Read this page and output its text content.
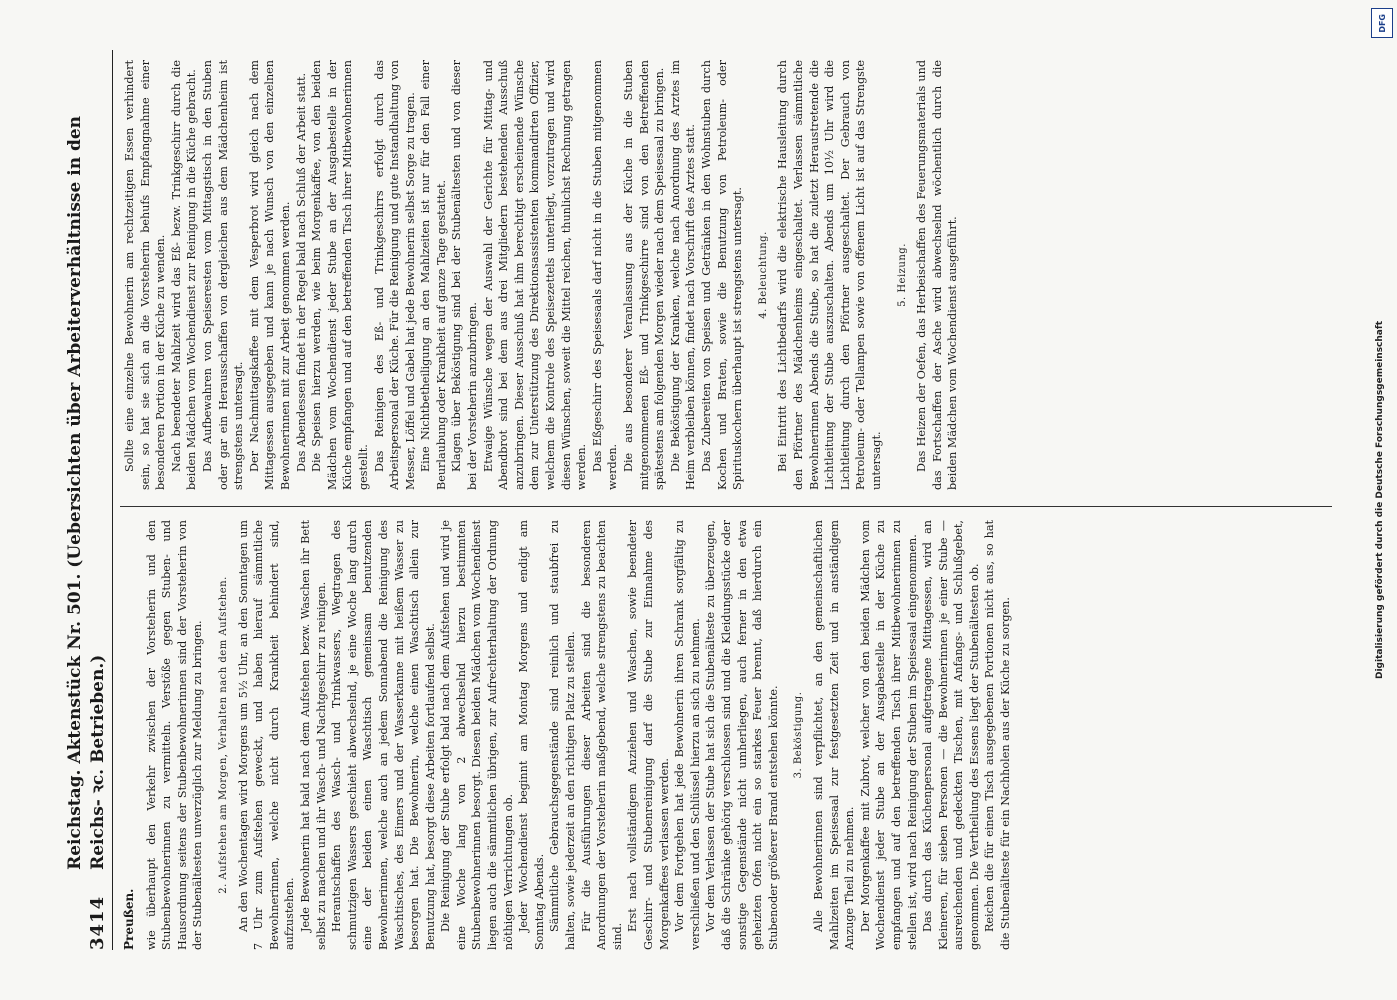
DFG
Digitalisierung gefördert durch die Deutsche Forschungsgemeinschaft
3414
Reichstag. Aktenstück Nr. 501. (Uebersichten über Arbeiterverhältnisse in den Reichs- ꝛc. Betrieben.)
Preußen. wie überhaupt den Verkehr zwischen der Vorsteherin und den Stubenbewohnerinnen zu vermitteln. Verstöße gegen Stuben- und Hausordnung seitens der Stubenbewohnerinnen sind der Vorsteherin von der Stubenältesten unverzüglich zur Meldung zu bringen. 2. Aufstehen am Morgen, Verhalten nach dem Aufstehen. An den Wochentagen wird Morgens um 5½ Uhr, an den Sonntagen um 7 Uhr zum Aufstehen geweckt, und haben hierauf sämmtliche Bewohnerinnen, welche nicht durch Krankheit behindert sind, aufzustehen. Jede Bewohnerin hat bald nach dem Aufstehen bezw. Waschen ihr Bett selbst zu machen und ihr Wasch- und Nachtgeschirr zu reinigen. Herantschaffen des Wasch- und Trinkwassers, Wegtragen des schmutzigen Wassers geschieht abwechselnd, je eine Woche lang durch eine der beiden einen Waschtisch gemeinsam benutzenden Bewohnerinnen, welche auch an jedem Sonnabend die Reinigung des Waschtisches, des Eimers und der Wasserkanne mit heißem Wasser zu besorgen hat. Die Bewohnerin, welche einen Waschtisch allein zur Benutzung hat, besorgt diese Arbeiten fortlaufend selbst. Die Reinigung der Stube erfolgt bald nach dem Aufstehen und wird je eine Woche lang von 2 abwechselnd hierzu bestimmten Stubenbewohnerinnen besorgt. Diesen beiden Mädchen vom Wochendienst liegen auch die sämmtlichen übrigen, zur Aufrechterhaltung der Ordnung nöthigen Verrichtungen ob. Jeder Wochendienst beginnt am Montag Morgens und endigt am Sonntag Abends. Sämmtliche Gebrauchsgegenstände sind reinlich und staubfrei zu halten, sowie jederzeit an den richtigen Platz zu stellen. Für die Ausführungen dieser Arbeiten sind die besonderen Anordnungen der Vorsteherin maßgebend, welche strengstens zu beachten sind.

Erst nach vollständigem Anziehen und Waschen, sowie beendeter Geschirr- und Stubenreinigung darf die Stube zur Einnahme des Morgenkaffees verlassen werden. Vor dem Fortgehen hat jede Bewohnerin ihren Schrank sorgfältig zu verschließen und den Schlüssel hierzu an sich zu nehmen. Vor dem Verlassen der Stube hat sich die Stubenälteste zu überzeugen, daß die Schränke gehörig verschlossen sind und die Kleidungsstücke oder sonstige Gegenstände nicht umherliegen, auch ferner in den etwa geheizten Ofen nicht ein so starkes Feuer brennt, daß hierdurch ein Stubenoder größerer Brand entstehen könnte. 3. Beköstigung. Alle Bewohnerinnen sind verpflichtet, an den gemeinschaftlichen Mahlzeiten im Speisesaal zur festgesetzten Zeit und in anständigem Anzuge Theil zu nehmen. Der Morgenkaffee mit Zubrot, welcher von den beiden Mädchen vom Wochendienst jeder Stube an der Ausgabestelle in der Küche zu empfangen und auf den betreffenden Tisch ihrer Mitbewohnerinnen zu stellen ist, wird nach Reinigung der Stuben im Speisesaal eingenommen. Das durch das Küchenpersonal aufgetragene Mittagessen, wird an Kleineren, für sieben Personen — die Bewohnerinnen je einer Stube — ausreichenden und gedeckten Tischen, mit Anfangs- und Schlußgebet, genommen. Die Vertheilung des Essens liegt der Stubenältesten ob. Reichen die für einen Tisch ausgegebenen Portionen nicht aus, so hat die Stubenälteste für ein Nachholen aus der Küche zu sorgen.

Sollte eine einzelne Bewohnerin am rechtzeitigen Essen verhindert sein, so hat sie sich an die Vorsteherin behufs Empfangnahme einer besonderen Portion in der Küche zu wenden. Nach beendeter Mahlzeit wird das Eß- bezw. Trinkgeschirr durch die beiden Mädchen vom Wochendienst zur Reinigung in die Küche gebracht. Das Aufbewahren von Speiseresten vom Mittagstisch in den Stuben oder gar ein Herausschaffen von dergleichen aus dem Mädchenheim ist strengstens untersagt. Der Nachmittagskaffee mit dem Vesperbrot wird gleich nach dem Mittagessen ausgegeben und kann je nach Wunsch von den einzelnen Bewohnerinnen mit zur Arbeit genommen werden. Das Abendessen findet in der Regel bald nach Schluß der Arbeit statt. Die Speisen hierzu werden, wie beim Morgenkaffee, von den beiden Mädchen vom Wochendienst jeder Stube an der Ausgabestelle in der Küche empfangen und auf den betreffenden Tisch ihrer Mitbewohnerinnen gestellt. Das Reinigen des Eß- und Trinkgeschirrs erfolgt durch das Arbeitspersonal der Küche. Für die Reinigung und gute Instandhaltung von Messer, Löffel und Gabel hat jede Bewohnerin selbst Sorge zu tragen. Eine Nichtbetheiligung an den Mahlzeiten ist nur für den Fall einer Beurlaubung oder Krankheit auf ganze Tage gestattet. Klagen über Beköstigung sind bei der Stubenältesten und von dieser bei der Vorsteherin anzubringen. Etwaige Wünsche wegen der Auswahl der Gerichte für Mittag- und Abendbrot sind bei dem aus drei Mitgliedern bestehenden Ausschuß anzubringen. Dieser Ausschuß hat ihm berechtigt erscheinende Wünsche dem zur Unterstützung des Direktionsassistenten kommandirten Offizier, welchem die Kontrole des Speisezettels unterliegt, vorzutragen und wird diesen Wünschen, soweit die Mittel reichen, thunlichst Rechnung getragen werden. Das Eßgeschirr des Speisesaals darf nicht in die Stuben mitgenommen werden. Die aus besonderer Veranlassung aus der Küche in die Stuben mitgenommenen Eß- und Trinkgeschirre sind von den Betreffenden spätestens am folgenden Morgen wieder nach dem Speisesaal zu bringen. Die Beköstigung der Kranken, welche nach Anordnung des Arztes im Heim verbleiben können, findet nach Vorschrift des Arztes statt. Das Zubereiten von Speisen und Getränken in den Wohnstuben durch Kochen und Braten, sowie die Benutzung von Petroleum- oder Spirituskochern überhaupt ist strengstens untersagt. 4. Beleuchtung. Bei Eintritt des Lichtbedarfs wird die elektrische Hausleitung durch den Pförtner des Mädchenheims eingeschaltet. Verlassen sämmtliche Bewohnerinnen Abends die Stube, so hat die zuletzt Heraustretende die Lichtleitung der Stube auszuschalten. Abends um 10½ Uhr wird die Lichtleitung durch den Pförtner ausgeschaltet. Der Gebrauch von Petroleum- oder Tellampen sowie von offenem Licht ist auf das Strengste untersagt.

5. Heizung. Das Heizen der Oefen, das Herbeischaffen des Feuerungsmaterials und das Fortschaffen der Asche wird abwechselnd wöchentlich durch die beiden Mädchen vom Wochendienst ausgeführt.
